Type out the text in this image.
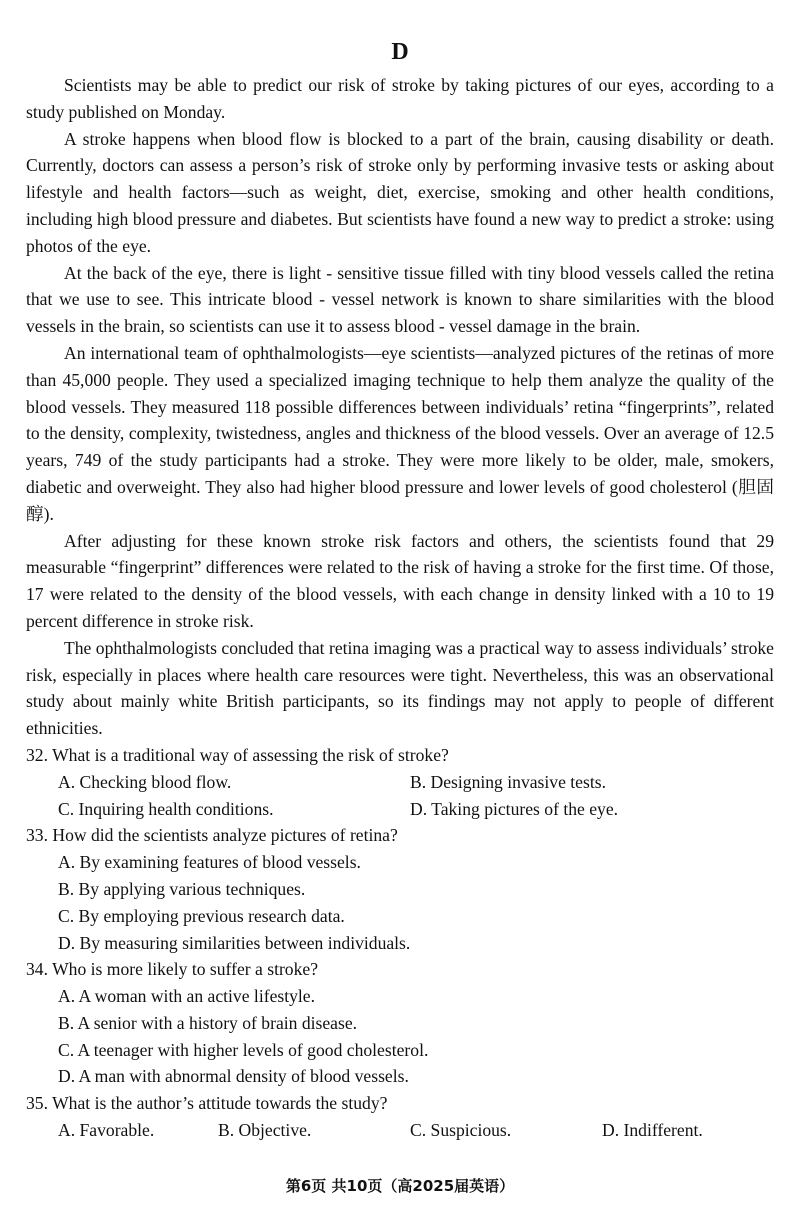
D

Scientists may be able to predict our risk of stroke by taking pictures of our eyes, according to a study published on Monday.

A stroke happens when blood flow is blocked to a part of the brain, causing disability or death. Currently, doctors can assess a person’s risk of stroke only by performing invasive tests or asking about lifestyle and health factors—such as weight, diet, exercise, smoking and other health conditions, including high blood pressure and diabetes. But scientists have found a new way to predict a stroke: using photos of the eye.

At the back of the eye, there is light - sensitive tissue filled with tiny blood vessels called the retina that we use to see. This intricate blood - vessel network is known to share similarities with the blood vessels in the brain, so scientists can use it to assess blood - vessel damage in the brain.

An international team of ophthalmologists—eye scientists—analyzed pictures of the retinas of more than 45,000 people. They used a specialized imaging technique to help them analyze the quality of the blood vessels. They measured 118 possible differences between individuals’ retina “fingerprints”, related to the density, complexity, twistedness, angles and thickness of the blood vessels. Over an average of 12.5 years, 749 of the study participants had a stroke. They were more likely to be older, male, smokers, diabetic and overweight. They also had higher blood pressure and lower levels of good cholesterol (胆固醇).

After adjusting for these known stroke risk factors and others, the scientists found that 29 measurable “fingerprint” differences were related to the risk of having a stroke for the first time. Of those, 17 were related to the density of the blood vessels, with each change in density linked with a 10 to 19 percent difference in stroke risk.

The ophthalmologists concluded that retina imaging was a practical way to assess individuals’ stroke risk, especially in places where health care resources were tight. Nevertheless, this was an observational study about mainly white British participants, so its findings may not apply to people of different ethnicities.

32. What is a traditional way of assessing the risk of stroke?
A. Checking blood flow.	B. Designing invasive tests.
C. Inquiring health conditions.	D. Taking pictures of the eye.
33. How did the scientists analyze pictures of retina?
A. By examining features of blood vessels.
B. By applying various techniques.
C. By employing previous research data.
D. By measuring similarities between individuals.
34. Who is more likely to suffer a stroke?
A. A woman with an active lifestyle.
B. A senior with a history of brain disease.
C. A teenager with higher levels of good cholesterol.
D. A man with abnormal density of blood vessels.
35. What is the author’s attitude towards the study?
A. Favorable.	B. Objective.	C. Suspicious.	D. Indifferent.
第6页 共10页（高2025届英语）
